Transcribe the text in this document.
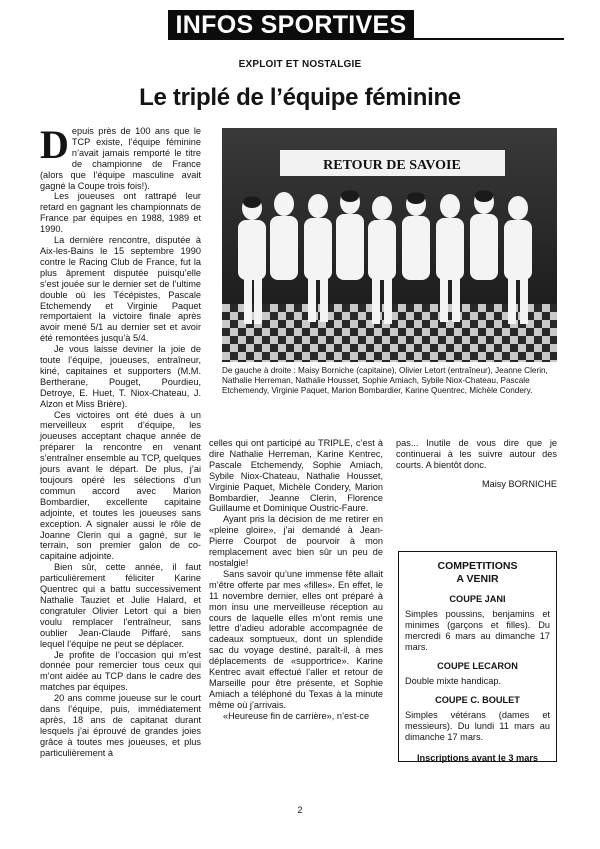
INFOS SPORTIVES
EXPLOIT ET NOSTALGIE
Le triplé de l’équipe féminine

Depuis près de 100 ans que le TCP existe, l’équipe féminine n’avait jamais remporté le titre de championne de France (alors que l’équipe masculine avait gagné la Coupe trois fois!).

Les joueuses ont rattrapé leur retard en gagnant les championnats de France par équipes en 1988, 1989 et 1990.

La dernière rencontre, disputée à Aix-les-Bains le 15 septembre 1990 contre le Racing Club de France, fut la plus âprement disputée puisqu’elle s’est jouée sur le dernier set de l’ultime double où les Técépistes, Pascale Etchemendy et Virginie Paquet remportaient la victoire finale après avoir mené 5/1 au dernier set et avoir été remontées jusqu’à 5/4.

Je vous laisse deviner la joie de toute l’équipe, joueuses, entraîneur, kiné, capitaines et supporters (M.M. Bertherane, Pouget, Pourdieu, Detroye, E. Huet, T. Niox-Chateau, J. Alzon et Miss Brière).

Ces victoires ont été dues à un merveilleux esprit d’équipe, les joueuses acceptant chaque année de préparer la rencontre en venant s’entraîner ensemble au TCP, quelques jours avant le départ. De plus, j’ai toujours opéré les sélections d’un commun accord avec Marion Bombardier, excellente capitaine adjointe, et toutes les joueuses sans exception. A signaler aussi le rôle de Joanne Clerin qui a gagné, sur le terrain, son premier galon de co-capitaine adjointe.

Bien sûr, cette année, il faut particulièrement féliciter Karine Quentrec qui a battu successivement Nathalie Tauziet et Julie Halard, et congratuler Olivier Letort qui a bien voulu remplacer l’entraîneur, sans oublier Jean-Claude Piffaré, sans lequel l’équipe ne peut se déplacer.

Je profite de l’occasion qui m’est donnée pour remercier tous ceux qui m’ont aidée au TCP dans le cadre des matches par équipes.

20 ans comme joueuse sur le court dans l’équipe, puis, immédiatement après, 18 ans de capitanat durant lesquels j’ai éprouvé de grandes joies grâce à toutes mes joueuses, et plus particulièrement à

RETOUR DE SAVOIE
De gauche à droite : Maisy Borniche (capitaine), Olivier Letort (entraîneur), Jeanne Clerin, Nathalie Herreman, Nathalie Housset, Sophie Amiach, Sybile Niox-Chateau, Pascale Etchemendy, Virginie Paquet, Marion Bombardier, Karine Quentrec, Michèle Condery.

celles qui ont participé au TRIPLE, c’est à dire Nathalie Herreman, Karine Kentrec, Pascale Etchemendy, Sophie Amiach, Sybile Niox-Chateau, Nathalie Housset, Virginie Paquet, Michèle Condery, Marion Bombardier, Jeanne Clerin, Florence Guillaume et Dominique Oustric-Faure.

Ayant pris la décision de me retirer en «pleine gloire», j’ai demandé à Jean-Pierre Courpot de pourvoir à mon remplacement avec bien sûr un peu de nostalgie!

Sans savoir qu’une immense fête allait m’être offerte par mes «filles». En effet, le 11 novembre dernier, elles ont préparé à mon insu une merveilleuse réception au cours de laquelle elles m’ont remis une lettre d’adieu adorable accompagnée de cadeaux somptueux, dont un splendide sac du voyage destiné, paraît-il, à mes déplacements de «supportrice». Karine Kentrec avait effectué l’aller et retour de Marseille pour être présente, et Sophie Amiach a téléphoné du Texas à la minute même où j’arrivais.

«Heureuse fin de carrière», n’est-ce

pas... Inutile de vous dire que je continuerai à les suivre autour des courts. A bientôt donc.

Maisy BORNICHE
COMPETITIONS
A VENIR
COUPE JANI
Simples poussins, benjamins et minimes (garçons et filles). Du mercredi 6 mars au dimanche 17 mars.
COUPE LECARON
Double mixte handicap.
COUPE C. BOULET
Simples vétérans (dames et messieurs). Du lundi 11 mars au dimanche 17 mars.
Inscriptions avant le 3 mars
2
